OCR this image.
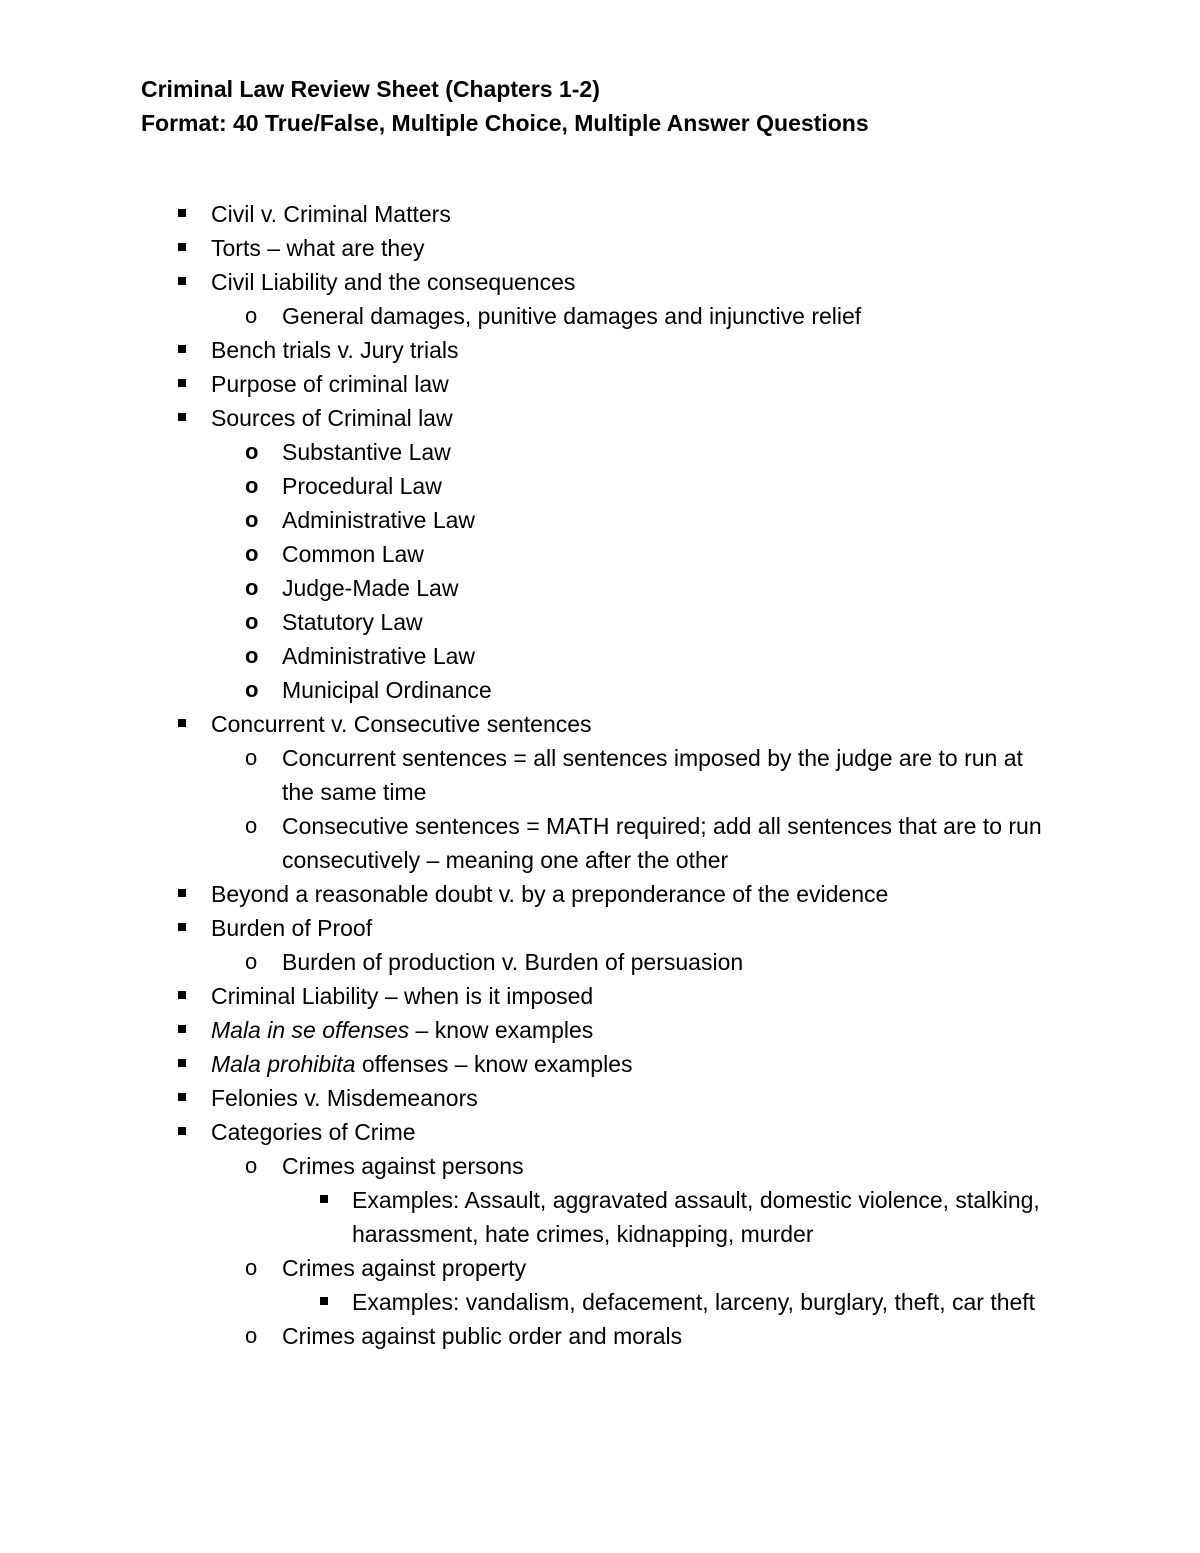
Criminal Law Review Sheet (Chapters 1-2)
Format: 40 True/False, Multiple Choice, Multiple Answer Questions
Civil v. Criminal Matters
Torts – what are they
Civil Liability and the consequences
o General damages, punitive damages and injunctive relief
Bench trials v. Jury trials
Purpose of criminal law
Sources of Criminal law
o Substantive Law
o Procedural Law
o Administrative Law
o Common Law
o Judge-Made Law
o Statutory Law
o Administrative Law
o Municipal Ordinance
Concurrent v. Consecutive sentences
o Concurrent sentences = all sentences imposed by the judge are to run at the same time
o Consecutive sentences = MATH required; add all sentences that are to run consecutively – meaning one after the other
Beyond a reasonable doubt v. by a preponderance of the evidence
Burden of Proof
o Burden of production v. Burden of persuasion
Criminal Liability – when is it imposed
Mala in se offenses – know examples
Mala prohibita offenses – know examples
Felonies v. Misdemeanors
Categories of Crime
o Crimes against persons
Examples: Assault, aggravated assault, domestic violence, stalking, harassment, hate crimes, kidnapping, murder
o Crimes against property
Examples: vandalism, defacement, larceny, burglary, theft, car theft
o Crimes against public order and morals
